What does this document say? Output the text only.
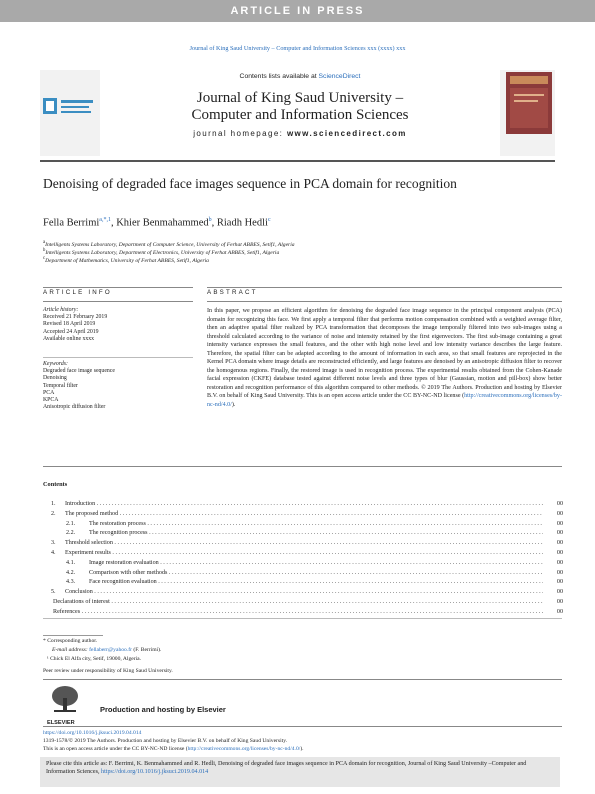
ARTICLE IN PRESS
Journal of King Saud University – Computer and Information Sciences xxx (xxxx) xxx
Contents lists available at ScienceDirect
Journal of King Saud University –
Computer and Information Sciences
journal homepage: www.sciencedirect.com
Denoising of degraded face images sequence in PCA domain for recognition
Fella Berrimi$^{a,*,1}$, Khier Benmahammed$^b$, Riadh Hedli$^c$
$^a$Intelligents Systems Laboratory, Department of Computer Science, University of Ferhat ABBES, Setif1, Algeria
$^b$Intelligents Systems Laboratory, Department of Electronics, University of Ferhat ABBES, Setif1, Algeria
$^c$Department of Mathematics, University of Ferhat ABBES, Setif1, Algeria
ARTICLE INFO
Article history:
Received 21 February 2019
Revised 18 April 2019
Accepted 24 April 2019
Available online xxxx
Keywords:
Degraded face image sequence
Denoising
Temporal filter
PCA
KPCA
Anisotropic diffusion filter
ABSTRACT
In this paper, we propose an efficient algorithm for denoising the degraded face image sequence in the principal component analysis (PCA) domain for recognizing this face. We first apply a temporal filter that performs motion compensation combined with a weighted average filter, then an adaptive spatial filter realized by PCA transformation that decomposes the image temporally filtered into two sub-images using a threshold calculated according to the variance of noise and intensity retained by the first eigenvectors. The first sub-image containing a great intensity variance expresses the small features, and the other with high noise level and low intensity variance describes the large feature. Therefore, the spatial filter can be adapted according to the amount of information in each area, so that small features are reprojected in the Kernel PCA domain where image details are reconstructed efficiently, and large features are denoised by an anisotropic diffusion filter to recover the homogenous regions. Finally, the restored image is used in recognition process. The experimental results obtained from the Cohen-Kanade facial expression (CKFE) database tested against different noise levels and three types of blur (Gaussian, motion and pill-box) show better restoration and recognition performance of this algorithm compared to other methods. © 2019 The Authors. Production and hosting by Elsevier B.V. on behalf of King Saud University. This is an open access article under the CC BY-NC-ND license (http://creativecommons.org/licenses/by-nc-nd/4.0/).
Contents
1. Introduction . . .	00
2. The proposed method . . .	00
2.1. The restoration process . . .	00
2.2. The recognition process . . .	00
3. Threshold selection . . .	00
4. Experiment results . . .	00
4.1. Image restoration evaluation . . .	00
4.2. Comparison with other methods . . .	00
4.3. Face recognition evaluation . . .	00
5. Conclusion . . .	00
Declarations of interest . . .	00
References . . .	00
* Corresponding author.
E-mail address: fellaberr@yahoo.fr (F. Berrimi).
¹ Chick El Alfa city, Setif, 19000, Algeria.
Peer review under responsibility of King Saud University.
ELSEVIER
Production and hosting by Elsevier
https://doi.org/10.1016/j.jksuci.2019.04.014
1319-1578/© 2019 The Authors. Production and hosting by Elsevier B.V. on behalf of King Saud University.
This is an open access article under the CC BY-NC-ND license (http://creativecommons.org/licenses/by-nc-nd/4.0/).
Please cite this article as: F. Berrimi, K. Benmahammed and R. Hedli, Denoising of degraded face images sequence in PCA domain for recognition, Journal of King Saud University –Computer and Information Sciences, https://doi.org/10.1016/j.jksuci.2019.04.014
